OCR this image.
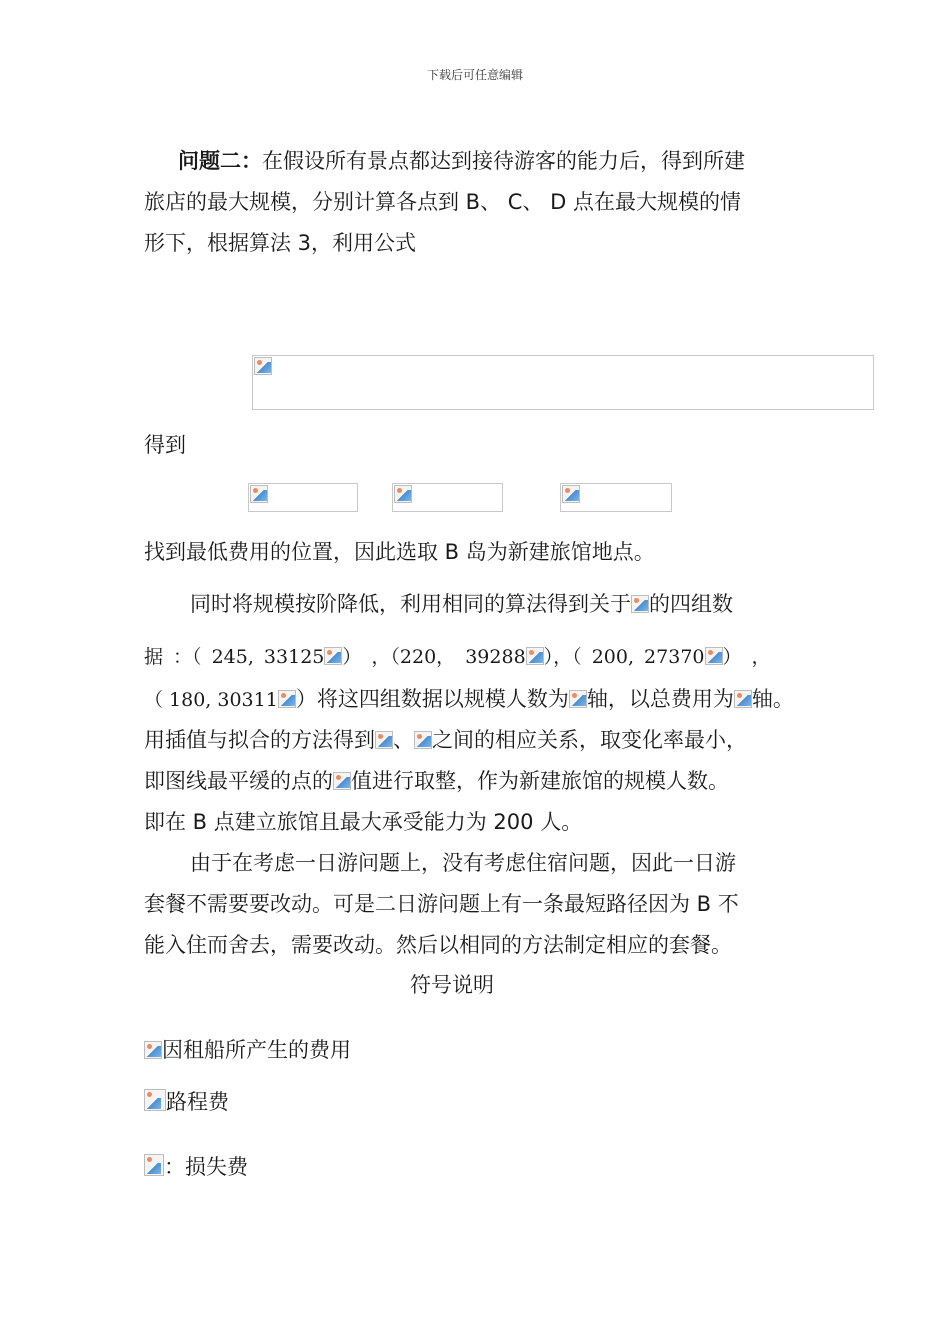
下载后可任意编辑
问题二：在假设所有景点都达到接待游客的能力后，得到所建
旅店的最大规模，分别计算各点到 B、 C、 D 点在最大规模的情
形下，根据算法 3，利用公式
得到
找到最低费用的位置，因此选取 B 岛为新建旅馆地点。
同时将规模按阶降低，利用相同的算法得到关于 的四组数
据 ：（ 245, 33125 ） ，（220， 39288 ），（ 200, 27370 ） ，
（ 180, 30311 ）将这四组数据以规模人数为 轴，以总费用为 轴。
用插值与拟合的方法得到 、 之间的相应关系，取变化率最小，
即图线最平缓的点的 值进行取整，作为新建旅馆的规模人数。
即在 B 点建立旅馆且最大承受能力为 200 人。
由于在考虑一日游问题上，没有考虑住宿问题，因此一日游
套餐不需要要改动。可是二日游问题上有一条最短路径因为 B 不
能入住而舍去，需要改动。然后以相同的方法制定相应的套餐。
符号说明
因租船所产生的费用
路程费
：损失费
